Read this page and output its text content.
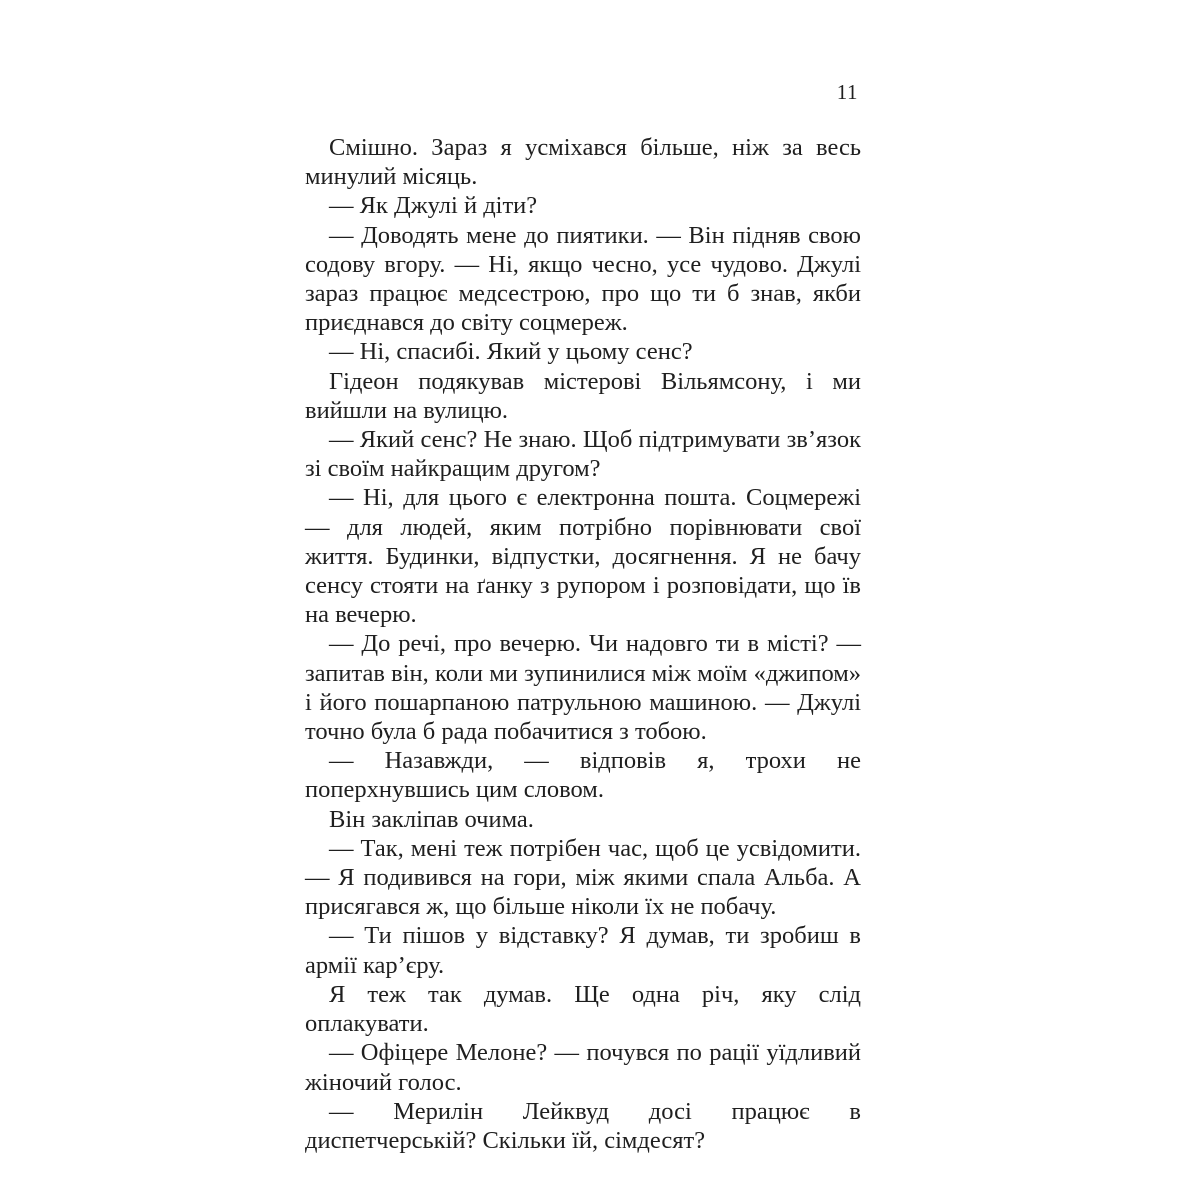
11

Смішно. Зараз я усміхався більше, ніж за весь минулий місяць.

— Як Джулі й діти?

— Доводять мене до пиятики. — Він підняв свою содову вгору. — Ні, якщо чесно, усе чудово. Джулі зараз працює медсестрою, про що ти б знав, якби приєднався до світу соцмереж.

— Ні, спасибі. Який у цьому сенс?

Гідеон подякував містерові Вільямсону, і ми вийшли на вулицю.

— Який сенс? Не знаю. Щоб підтримувати зв’язок зі своїм найкращим другом?

— Ні, для цього є електронна пошта. Соцмережі — для людей, яким потрібно порівнювати свої життя. Будинки, відпустки, досягнення. Я не бачу сенсу стояти на ґанку з рупором і розповідати, що їв на вечерю.

— До речі, про вечерю. Чи надовго ти в місті? — запитав він, коли ми зупинилися між моїм «джипом» і його пошарпаною патрульною машиною. — Джулі точно була б рада побачитися з тобою.

— Назавжди, — відповів я, трохи не поперхнувшись цим словом.

Він закліпав очима.

— Так, мені теж потрібен час, щоб це усвідомити. — Я подивився на гори, між якими спала Альба. А присягався ж, що більше ніколи їх не побачу.

— Ти пішов у відставку? Я думав, ти зробиш в армії кар’єру.

Я теж так думав. Ще одна річ, яку слід оплакувати.

— Офіцере Мелоне? — почувся по рації уїдливий жіночий голос.

— Мерилін Лейквуд досі працює в диспетчерській? Скільки їй, сімдесят?
